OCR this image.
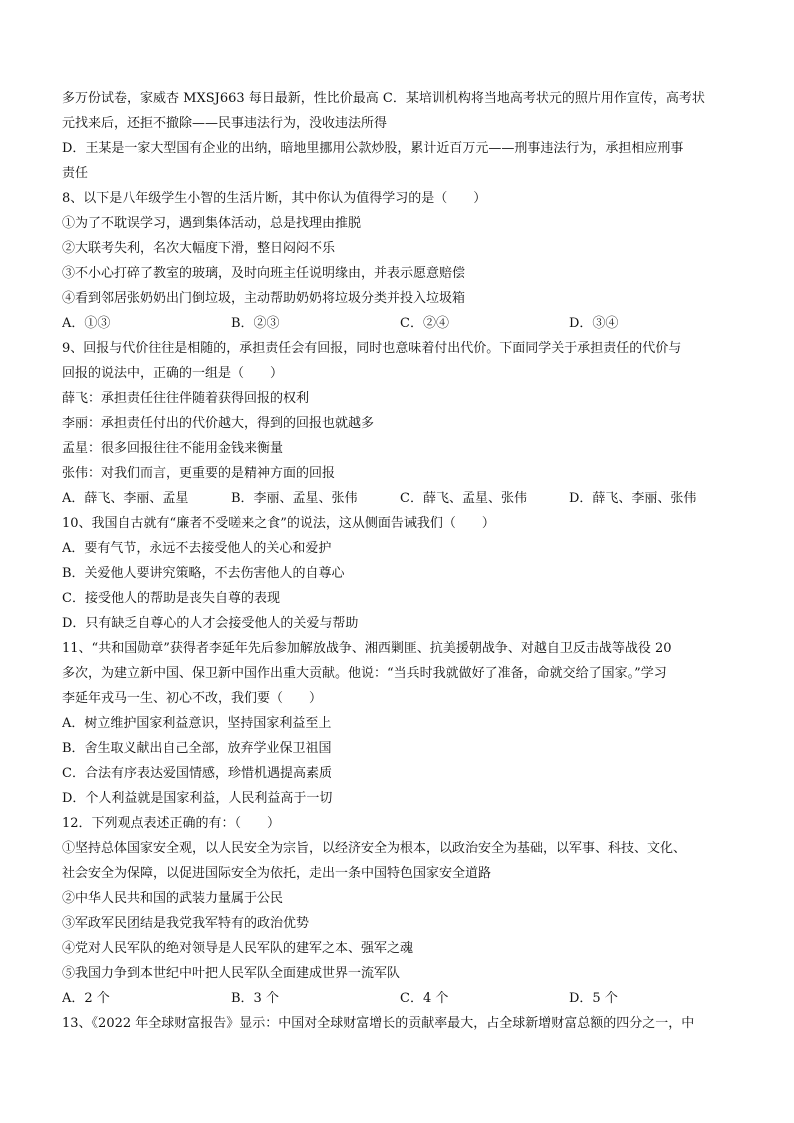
多万份试卷，家威杏 MXSJ663 每日最新，性比价最高 C．某培训机构将当地高考状元的照片用作宣传，高考状
元找来后，还拒不撤除——民事违法行为，没收违法所得
D．王某是一家大型国有企业的出纳，暗地里挪用公款炒股，累计近百万元——刑事违法行为，承担相应刑事
责任
8、以下是八年级学生小智的生活片断，其中你认为值得学习的是（　　）
①为了不耽误学习，遇到集体活动，总是找理由推脱
②大联考失利，名次大幅度下滑，整日闷闷不乐
③不小心打碎了教室的玻璃，及时向班主任说明缘由，并表示愿意赔偿
④看到邻居张奶奶出门倒垃圾，主动帮助奶奶将垃圾分类并投入垃圾箱
A．①③	B．②③	C．②④	D．③④
9、回报与代价往往是相随的，承担责任会有回报，同时也意味着付出代价。下面同学关于承担责任的代价与
回报的说法中，正确的一组是（　　）
薛飞：承担责任往往伴随着获得回报的权利
李丽：承担责任付出的代价越大，得到的回报也就越多
孟星：很多回报往往不能用金钱来衡量
张伟：对我们而言，更重要的是精神方面的回报
A．薛飞、李丽、孟星	B．李丽、孟星、张伟	C．薛飞、孟星、张伟	D．薛飞、李丽、张伟
10、我国自古就有“廉者不受嗟来之食”的说法，这从侧面告诫我们（　　）
A．要有气节，永远不去接受他人的关心和爱护
B．关爱他人要讲究策略，不去伤害他人的自尊心
C．接受他人的帮助是丧失自尊的表现
D．只有缺乏自尊心的人才会接受他人的关爱与帮助
11、“共和国勋章”获得者李延年先后参加解放战争、湘西剿匪、抗美援朝战争、对越自卫反击战等战役 20
多次，为建立新中国、保卫新中国作出重大贡献。他说：“当兵时我就做好了准备，命就交给了国家。”学习
李延年戎马一生、初心不改，我们要（　　）
A．树立维护国家利益意识，坚持国家利益至上
B．舍生取义献出自己全部，放弃学业保卫祖国
C．合法有序表达爱国情感，珍惜机遇提高素质
D．个人利益就是国家利益，人民利益高于一切
12．下列观点表述正确的有：（　　）
①坚持总体国家安全观，以人民安全为宗旨，以经济安全为根本，以政治安全为基础，以军事、科技、文化、
社会安全为保障，以促进国际安全为依托，走出一条中国特色国家安全道路
②中华人民共和国的武装力量属于公民
③军政军民团结是我党我军特有的政治优势
④党对人民军队的绝对领导是人民军队的建军之本、强军之魂
⑤我国力争到本世纪中叶把人民军队全面建成世界一流军队
A．2 个	B．3 个	C．4 个	D．5 个
13、《2022 年全球财富报告》显示：中国对全球财富增长的贡献率最大，占全球新增财富总额的四分之一，中
